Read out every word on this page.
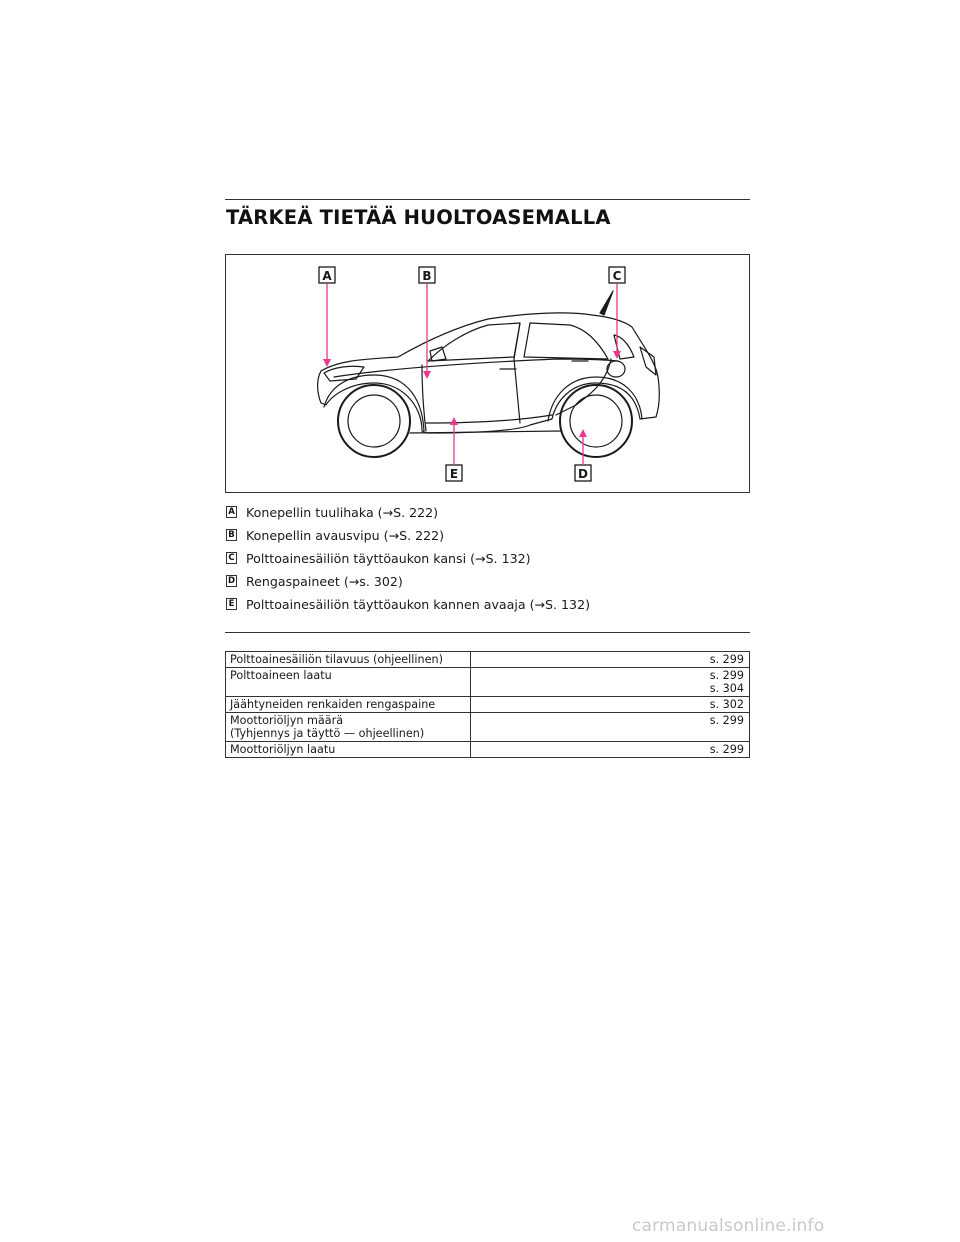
TÄRKEÄ TIETÄÄ HUOLTOASEMALLA
A	B	C
D
E
A Konepellin tuulihaka (→S. 222)
B Konepellin avausvipu (→S. 222)
C Polttoainesäiliön täyttöaukon kansi (→S. 132)
D Rengaspaineet (→s. 302)
E Polttoainesäiliön täyttöaukon kannen avaaja (→S. 132)
Polttoainesäiliön tilavuus (ohjeellinen)	s. 299

Polttoaineen laatu	s. 299
s. 304

Jäähtyneiden renkaiden rengaspaine	s. 302

Moottoriöljyn määrä
(Tyhjennys ja täyttö — ohjeellinen)	s. 299

Moottoriöljyn laatu	s. 299
carmanualsonline.info
